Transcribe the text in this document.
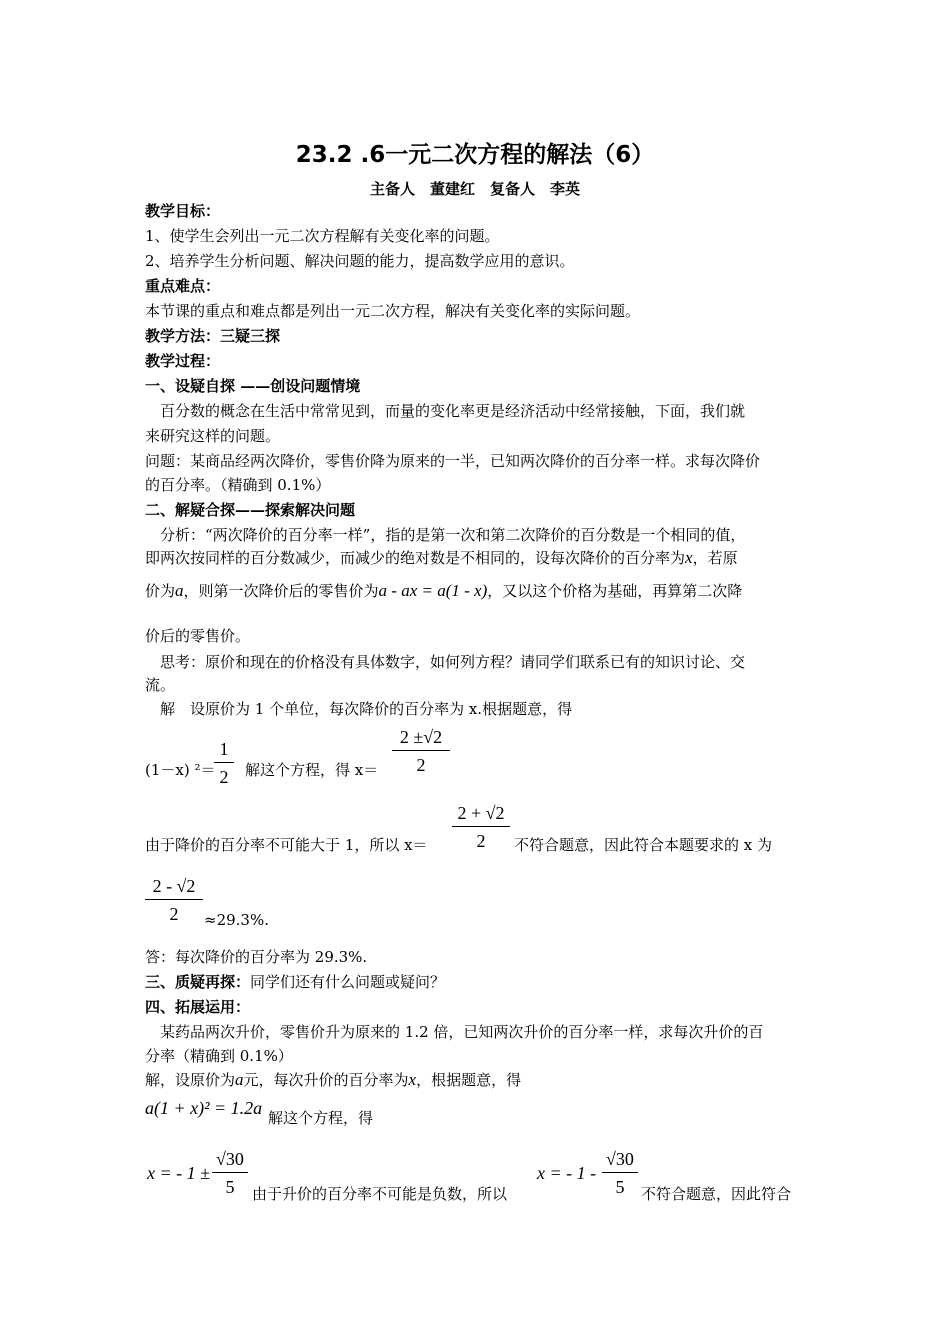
23.2 .6一元二次方程的解法（6）
主备人　董建红　复备人　李英
教学目标：
1、使学生会列出一元二次方程解有关变化率的问题。
2、培养学生分析问题、解决问题的能力，提高数学应用的意识。
重点难点：
本节课的重点和难点都是列出一元二次方程，解决有关变化率的实际问题。
教学方法：三疑三探
教学过程：
一、设疑自探 ——创设问题情境
百分数的概念在生活中常常见到，而量的变化率更是经济活动中经常接触，下面，我们就
来研究这样的问题。
问题：某商品经两次降价，零售价降为原来的一半，已知两次降价的百分率一样。求每次降价
的百分率。（精确到 0.1%）
二、解疑合探——探索解决问题
分析：“两次降价的百分率一样”，指的是第一次和第二次降价的百分数是一个相同的值，
即两次按同样的百分数减少，而减少的绝对数是不相同的，设每次降价的百分率为x，若原
价为a，则第一次降价后的零售价为a - ax = a(1 - x)，又以这个价格为基础，再算第二次降
价后的零售价。
思考：原价和现在的价格没有具体数字，如何列方程？请同学们联系已有的知识讨论、交
流。
解　设原价为 1 个单位，每次降价的百分率为 x.根据题意，得
(1－x) ²＝
1
2	解这个方程，得 x＝
2 ±√2
2
由于降价的百分率不可能大于 1，所以 x＝
2 + √2
2	不符合题意，因此符合本题要求的 x 为
2 - √2
2	≈29.3%.
答：每次降价的百分率为 29.3%.
三、质疑再探：同学们还有什么问题或疑问？
四、拓展运用：
某药品两次升价，零售价升为原来的 1.2 倍，已知两次升价的百分率一样，求每次升价的百
分率（精确到 0.1%）
解，设原价为a元，每次升价的百分率为x，根据题意，得
a(1 + x)² = 1.2a 解这个方程，得
x = - 1 ±
√30
5	由于升价的百分率不可能是负数，所以
x = - 1 -
√30
5	不符合题意，因此符合
